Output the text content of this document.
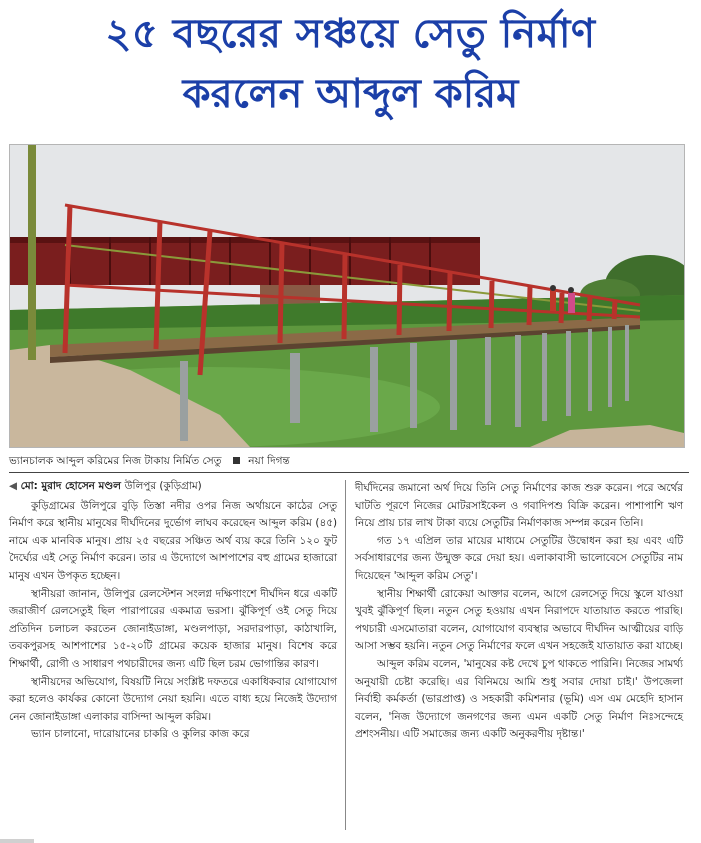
২৫ বছরের সঞ্চয়ে সেতু নির্মাণ
করলেন আব্দুল করিম
ভ্যানচালক আব্দুল করিমের নিজ টাকায় নির্মিত সেতু	নয়া দিগন্ত
◀ মো: মুরাদ হোসেন মণ্ডল উলিপুর (কুড়িগ্রাম)

কুড়িগ্রামের উলিপুরে বুড়ি তিস্তা নদীর ওপর নিজ অর্থায়নে কাঠের সেতু নির্মাণ করে স্থানীয় মানুষের দীর্ঘদিনের দুর্ভোগ লাঘব করেছেন আব্দুল করিম (৪৫) নামে এক মানবিক মানুষ। প্রায় ২৫ বছরের সঞ্চিত অর্থ ব্যয় করে তিনি ১২০ ফুট দৈর্ঘ্যের এই সেতু নির্মাণ করেন। তার এ উদ্যোগে আশপাশের বহু গ্রামের হাজারো মানুষ এখন উপকৃত হচ্ছেন।

স্থানীয়রা জানান, উলিপুর রেলস্টেশন সংলগ্ন দক্ষিণাংশে দীর্ঘদিন ধরে একটি জরাজীর্ণ রেলসেতুই ছিল পারাপারের একমাত্র ভরসা। ঝুঁকিপূর্ণ ওই সেতু দিয়ে প্রতিদিন চলাচল করতেন জোনাইডাঙ্গা, মণ্ডলপাড়া, সরদারপাড়া, কাঠাখালি, তবকপুরসহ আশপাশের ১৫-২০টি গ্রামের কয়েক হাজার মানুষ। বিশেষ করে শিক্ষার্থী, রোগী ও সাধারণ পথচারীদের জন্য এটি ছিল চরম ভোগান্তির কারণ।

স্থানীয়দের অভিযোগ, বিষয়টি নিয়ে সংশ্লিষ্ট দফতরে একাধিকবার যোগাযোগ করা হলেও কার্যকর কোনো উদ্যোগ নেয়া হয়নি। এতে বাধ্য হয়ে নিজেই উদ্যোগ নেন জোনাইডাঙ্গা এলাকার বাসিন্দা আব্দুল করিম।

ভ্যান চালানো, দারোয়ানের চাকরি ও কুলির কাজ করে

দীর্ঘদিনের জমানো অর্থ দিয়ে তিনি সেতু নির্মাণের কাজ শুরু করেন। পরে অর্থের ঘাটতি পূরণে নিজের মোটরসাইকেল ও গবাদিপশু বিক্রি করেন। পাশাপাশি ঋণ নিয়ে প্রায় চার লাখ টাকা ব্যয়ে সেতুটির নির্মাণকাজ সম্পন্ন করেন তিনি।

গত ১৭ এপ্রিল তার মায়ের মাধ্যমে সেতুটির উদ্বোধন করা হয় এবং এটি সর্বসাধারণের জন্য উন্মুক্ত করে দেয়া হয়। এলাকাবাসী ভালোবেসে সেতুটির নাম দিয়েছেন 'আব্দুল করিম সেতু'।

স্থানীয় শিক্ষার্থী রোকেয়া আক্তার বলেন, আগে রেলসেতু দিয়ে স্কুলে যাওয়া খুবই ঝুঁকিপূর্ণ ছিল। নতুন সেতু হওয়ায় এখন নিরাপদে যাতায়াত করতে পারছি। পথচারী এসমোতারা বলেন, যোগাযোগ ব্যবস্থার অভাবে দীর্ঘদিন আত্মীয়ের বাড়ি আসা সম্ভব হয়নি। নতুন সেতু নির্মাণের ফলে এখন সহজেই যাতায়াত করা যাচ্ছে।

আব্দুল করিম বলেন, 'মানুষের কষ্ট দেখে চুপ থাকতে পারিনি। নিজের সামর্থ্য অনুযায়ী চেষ্টা করেছি। এর বিনিময়ে আমি শুধু সবার দোয়া চাই।' উপজেলা নির্বাহী কর্মকর্তা (ভারপ্রাপ্ত) ও সহকারী কমিশনার (ভূমি) এস এম মেহেদি হাসান বলেন, 'নিজ উদ্যোগে জনগণের জন্য এমন একটি সেতু নির্মাণ নিঃসন্দেহে প্রশংসনীয়। এটি সমাজের জন্য একটি অনুকরণীয় দৃষ্টান্ত।'
